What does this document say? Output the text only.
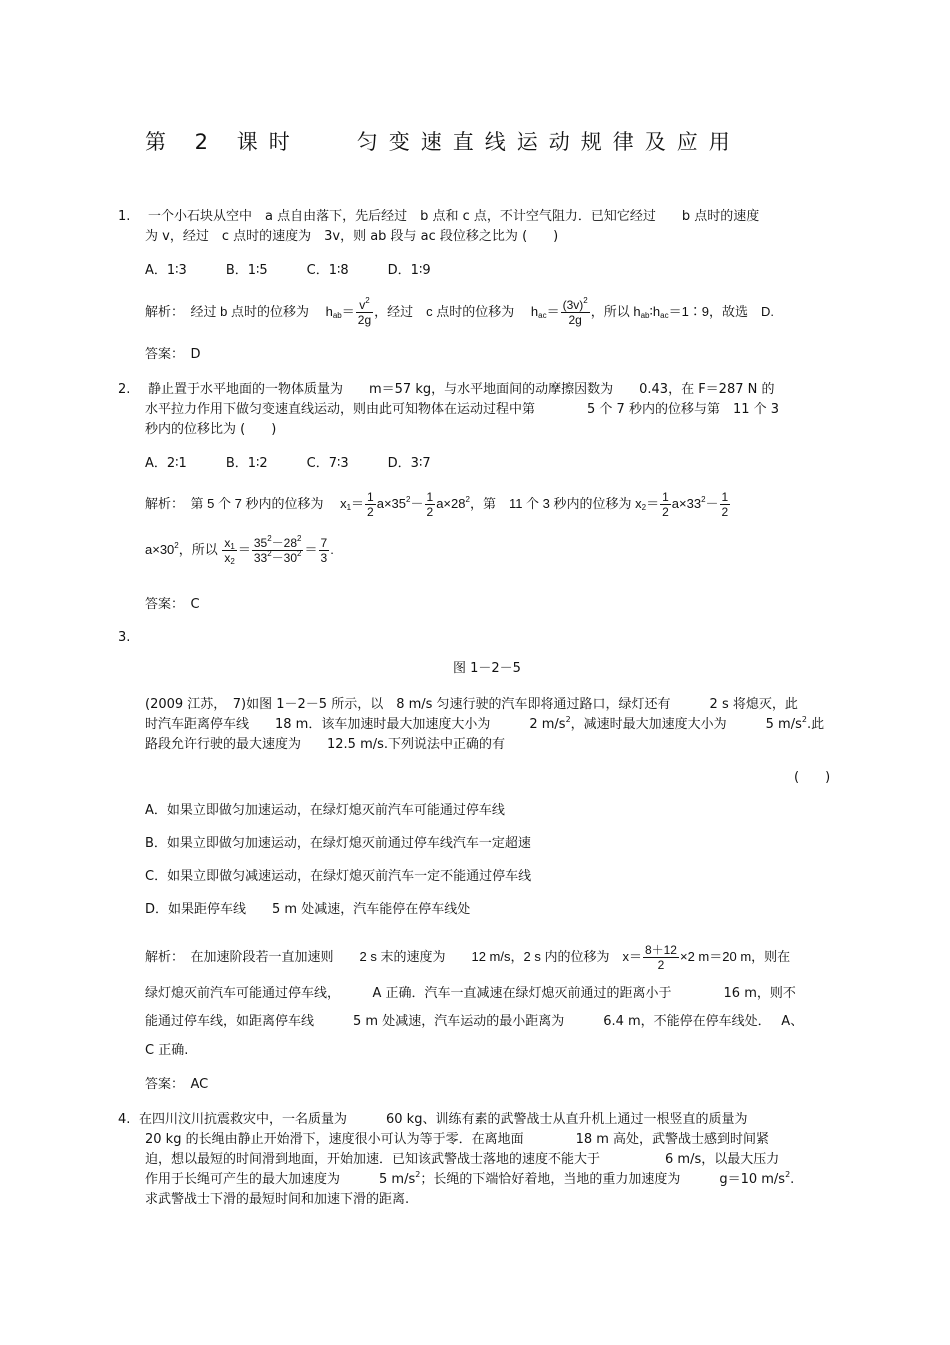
第 2 课时	匀变速直线运动规律及应用
1. 一个小石块从空中　a 点自由落下，先后经过　b 点和 c 点，不计空气阻力．已知它经过　　b 点时的速度
为 v，经过　c 点时的速度为　3v，则 ab 段与 ac 段位移之比为 (　　)
A．1∶3　　　B．1∶5　　　C．1∶8　　　D．1∶9
解析：　 经过 b 点时的位移为　 $h_{ab}= \frac{v^2}{2g}$ ，经过　c 点时的位移为　 $h_{ac}= \frac{(3v)^2}{2g}$ ，所以 $h_{ab}∶h_{ac}=1∶9$，故选　D.
答案：　D
2. 静止置于水平地面的一物体质量为　　m＝57 kg，与水平地面间的动摩擦因数为　　0.43，在 F＝287 N 的
水平拉力作用下做匀变速直线运动，则由此可知物体在运动过程中第　　　　5 个 7 秒内的位移与第　11 个 3
秒内的位移比为 (　　)
A．2∶1　　　B．1∶2　　　C．7∶3　　　D．3∶7
解析：　 第 5 个 7 秒内的位移为　 $x_1= \frac{1}{2} a\times 35^2- \frac{1}{2} a\times 28^2$，第　11 个 3 秒内的位移为 $x_2= \frac{1}{2} a\times 33^2- \frac{1}{2}$
$a\times 30^2$，所以 $\frac{x_1}{x_2} = \frac{35^2-28^2}{33^2-30^2} = \frac{7}{3}$ .
答案：　C
3.
图 1－2－5
(2009 江苏，　7)如图 1－2－5 所示，以　8 m/s 匀速行驶的汽车即将通过路口，绿灯还有　　　2 s 将熄灭，此
时汽车距离停车线　　18 m．该车加速时最大加速度大小为　　　2 $m/s^2$，减速时最大加速度大小为　　　5 $m/s^2$.此
路段允许行驶的最大速度为　　12.5 m/s.下列说法中正确的有
(　　)
A．如果立即做匀加速运动，在绿灯熄灭前汽车可能通过停车线
B．如果立即做匀加速运动，在绿灯熄灭前通过停车线汽车一定超速
C．如果立即做匀减速运动，在绿灯熄灭前汽车一定不能通过停车线
D．如果距停车线　　5 m 处减速，汽车能停在停车线处
解析：　 在加速阶段若一直加速则　　2 s 末的速度为　　12 m/s，2 s 内的位移为　$x= \frac{8+12}{2} \times 2$ m＝20 m，则在
绿灯熄灭前汽车可能通过停车线，　　　A 正确．汽车一直减速在绿灯熄灭前通过的距离小于　　　　16 m，则不
能通过停车线，如距离停车线　　　5 m 处减速，汽车运动的最小距离为　　　6.4 m，不能停在停车线处．　 A、
C 正确.
答案：　AC
4. 在四川汶川抗震救灾中，一名质量为　　　60 kg、训练有素的武警战士从直升机上通过一根竖直的质量为
20 kg 的长绳由静止开始滑下，速度很小可认为等于零．在离地面　　　　18 m 高处，武警战士感到时间紧
迫，想以最短的时间滑到地面，开始加速．已知该武警战士落地的速度不能大于　　　　　6 m/s，以最大压力
作用于长绳可产生的最大加速度为　　　5 $m/s^2$；长绳的下端恰好着地，当地的重力加速度为　　　g＝10 $m/s^2$.
求武警战士下滑的最短时间和加速下滑的距离.
